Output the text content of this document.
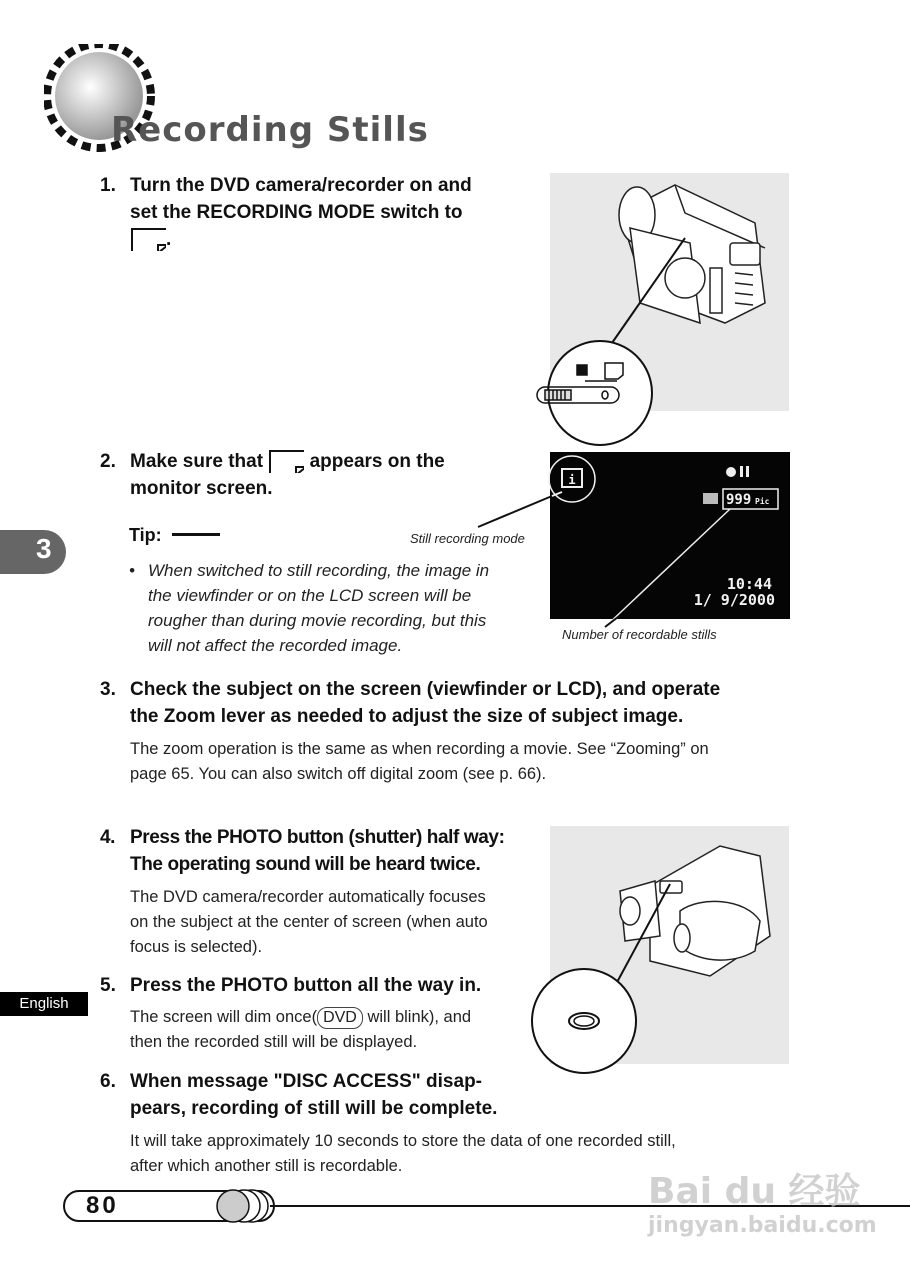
Recording Stills
1. Turn the DVD camera/recorder on and
set the RECORDING MODE switch to
.
2. Make sure that appears on the
monitor screen.
Tip:
• When switched to still recording, the image in
the viewfinder or on the LCD screen will be
rougher than during movie recording, but this
will not affect the recorded image.
i
999 Pic
10:44
1/ 9/2000
Still recording mode
Number of recordable stills
3. Check the subject on the screen (viewfinder or LCD), and operate
the Zoom lever as needed to adjust the size of subject image.
The zoom operation is the same as when recording a movie. See “Zooming” on
page 65. You can also switch off digital zoom (see p. 66).
4. Press the PHOTO button (shutter) half way:
The operating sound will be heard twice.
The DVD camera/recorder automatically focuses
on the subject at the center of screen (when auto
focus is selected).
5. Press the PHOTO button all the way in.
The screen will dim once( DVD will blink), and
then the recorded still will be displayed.
6. When message "DISC ACCESS" disap-
pears, recording of still will be complete.
It will take approximately 10 seconds to store the data of one recorded still,
after which another still is recordable.
3
English
80	Bai du 经验
jingyan.baidu.com
